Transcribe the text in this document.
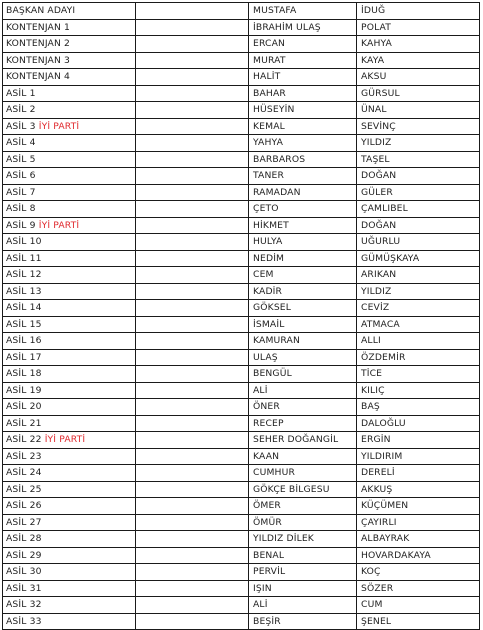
BAŞKAN ADAYI		MUSTAFA	İDUĞ
KONTENJAN 1		İBRAHİM ULAŞ	POLAT
KONTENJAN 2		ERCAN	KAHYA
KONTENJAN 3		MURAT	KAYA
KONTENJAN 4		HALİT	AKSU
ASİL 1		BAHAR	GÜRSUL
ASİL 2		HÜSEYİN	ÜNAL
ASİL 3 İYİ PARTİ		KEMAL	SEVİNÇ
ASİL 4		YAHYA	YILDIZ
ASİL 5		BARBAROS	TAŞEL
ASİL 6		TANER	DOĞAN
ASİL 7		RAMADAN	GÜLER
ASİL 8		ÇETO	ÇAMLIBEL
ASİL 9 İYİ PARTİ		HİKMET	DOĞAN
ASİL 10		HULYA	UĞURLU
ASİL 11		NEDİM	GÜMÜŞKAYA
ASİL 12		CEM	ARIKAN
ASİL 13		KADİR	YILDIZ
ASİL 14		GÖKSEL	CEVİZ
ASİL 15		İSMAİL	ATMACA
ASİL 16		KAMURAN	ALLI
ASİL 17		ULAŞ	ÖZDEMİR
ASİL 18		BENGÜL	TİCE
ASİL 19		ALİ	KILIÇ
ASİL 20		ÖNER	BAŞ
ASİL 21		RECEP	DALOĞLU
ASİL 22 İYİ PARTİ		SEHER DOĞANGİL	ERGİN
ASİL 23		KAAN	YILDIRIM
ASİL 24		CUMHUR	DERELİ
ASİL 25		GÖKÇE BİLGESU	AKKUŞ
ASİL 26		ÖMER	KÜÇÜMEN
ASİL 27		ÖMÜR	ÇAYIRLI
ASİL 28		YILDIZ DİLEK	ALBAYRAK
ASİL 29		BENAL	HOVARDAKAYA
ASİL 30		PERVİL	KOÇ
ASİL 31		IŞIN	SÖZER
ASİL 32		ALİ	CUM
ASİL 33		BEŞİR	ŞENEL
